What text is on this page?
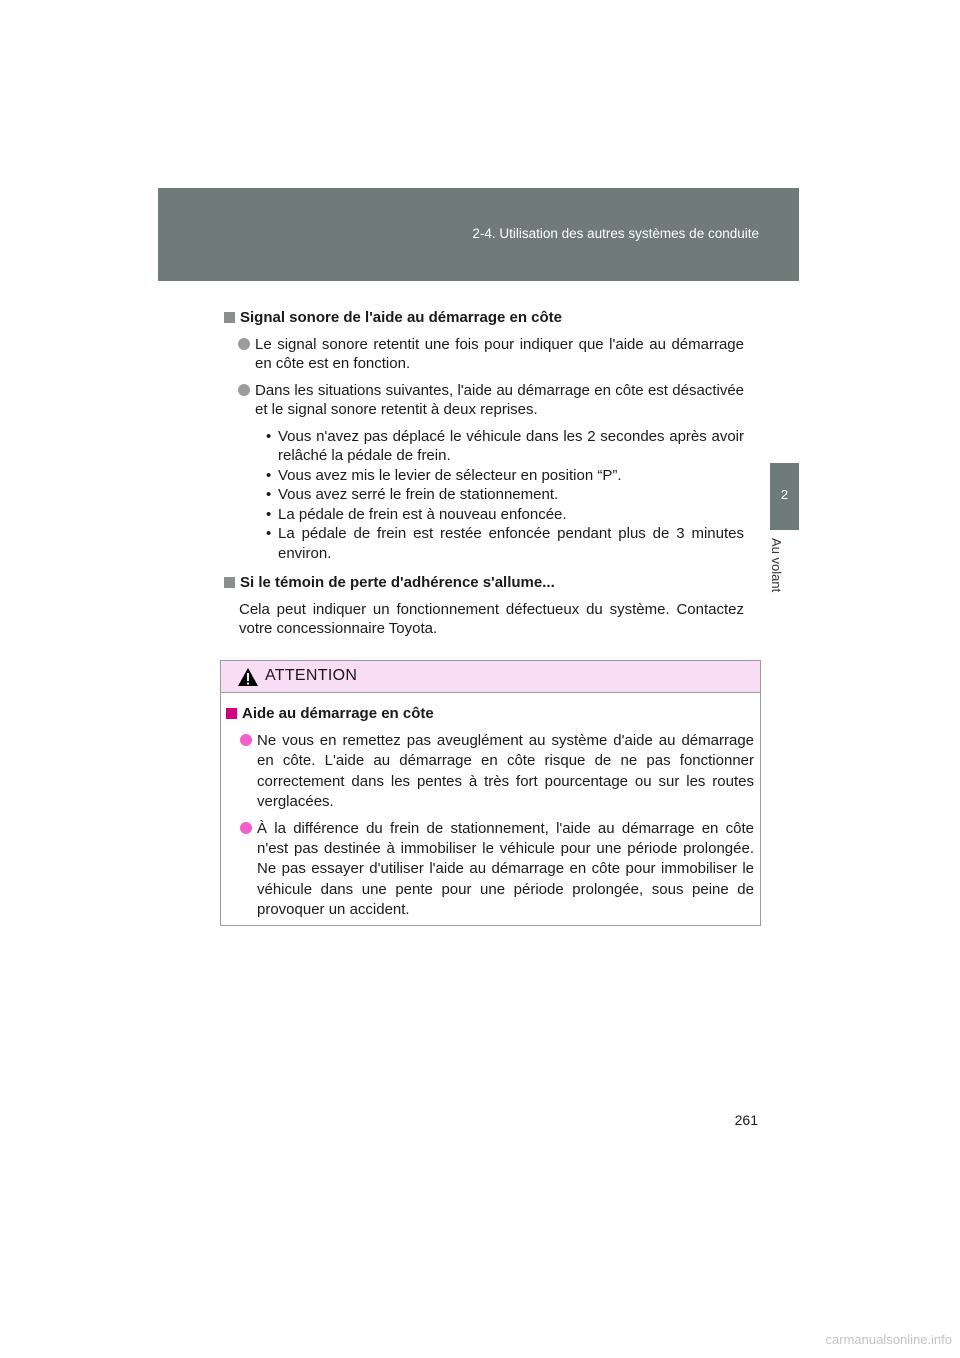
2-4. Utilisation des autres systèmes de conduite
2
Au volant
Signal sonore de l'aide au démarrage en côte
Le signal sonore retentit une fois pour indiquer que l'aide au démarrage en côte est en fonction.
Dans les situations suivantes, l'aide au démarrage en côte est désactivée et le signal sonore retentit à deux reprises.
• Vous n'avez pas déplacé le véhicule dans les 2 secondes après avoir relâché la pédale de frein.
• Vous avez mis le levier de sélecteur en position “P”.
• Vous avez serré le frein de stationnement.
• La pédale de frein est à nouveau enfoncée.
• La pédale de frein est restée enfoncée pendant plus de 3 minutes environ.
Si le témoin de perte d'adhérence s'allume...

Cela peut indiquer un fonctionnement défectueux du système. Contactez votre concessionnaire Toyota.

ATTENTION
Aide au démarrage en côte
Ne vous en remettez pas aveuglément au système d'aide au démarrage en côte. L'aide au démarrage en côte risque de ne pas fonctionner correctement dans les pentes à très fort pourcentage ou sur les routes verglacées.
À la différence du frein de stationnement, l'aide au démarrage en côte n'est pas destinée à immobiliser le véhicule pour une période prolongée. Ne pas essayer d'utiliser l'aide au démarrage en côte pour immobiliser le véhicule dans une pente pour une période prolongée, sous peine de provoquer un accident.
261
carmanualsonline.info
